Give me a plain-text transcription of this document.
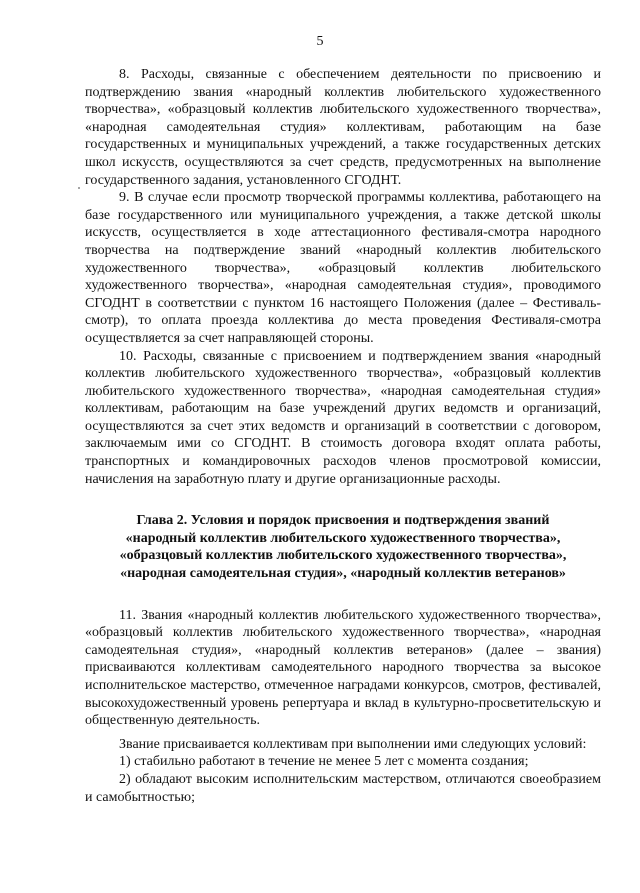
5

8. Расходы, связанные с обеспечением деятельности по присвоению и подтверждению звания «народный коллектив любительского художественного творчества», «образцовый коллектив любительского художественного творчества», «народная самодеятельная студия» коллективам, работающим на базе государственных и муниципальных учреждений, а также государственных детских школ искусств, осуществляются за счет средств, предусмотренных на выполнение государственного задания, установленного СГОДНТ.

9. В случае если просмотр творческой программы коллектива, работающего на базе государственного или муниципального учреждения, а также детской школы искусств, осуществляется в ходе аттестационного фестиваля-смотра народного творчества на подтверждение званий «народный коллектив любительского художественного творчества», «образцовый коллектив любительского художественного творчества», «народная самодеятельная студия», проводимого СГОДНТ в соответствии с пунктом 16 настоящего Положения (далее – Фестиваль-смотр), то оплата проезда коллектива до места проведения Фестиваля-смотра осуществляется за счет направляющей стороны.

10. Расходы, связанные с присвоением и подтверждением звания «народный коллектив любительского художественного творчества», «образцовый коллектив любительского художественного творчества», «народная самодеятельная студия» коллективам, работающим на базе учреждений других ведомств и организаций, осуществляются за счет этих ведомств и организаций в соответствии с договором, заключаемым ими со СГОДНТ. В стоимость договора входят оплата работы, транспортных и командировочных расходов членов просмотровой комиссии, начисления на заработную плату и другие организационные расходы.

Глава 2. Условия и порядок присвоения и подтверждения званий
«народный коллектив любительского художественного творчества»,
«образцовый коллектив любительского художественного творчества»,
«народная самодеятельная студия», «народный коллектив ветеранов»

11. Звания «народный коллектив любительского художественного творчества», «образцовый коллектив любительского художественного творчества», «народная самодеятельная студия», «народный коллектив ветеранов» (далее – звания) присваиваются коллективам самодеятельного народного творчества за высокое исполнительское мастерство, отмеченное наградами конкурсов, смотров, фестивалей, высокохудожественный уровень репертуара и вклад в культурно-просветительскую и общественную деятельность.

Звание присваивается коллективам при выполнении ими следующих условий:

1) стабильно работают в течение не менее 5 лет с момента создания;

2) обладают высоким исполнительским мастерством, отличаются своеобразием и самобытностью;
